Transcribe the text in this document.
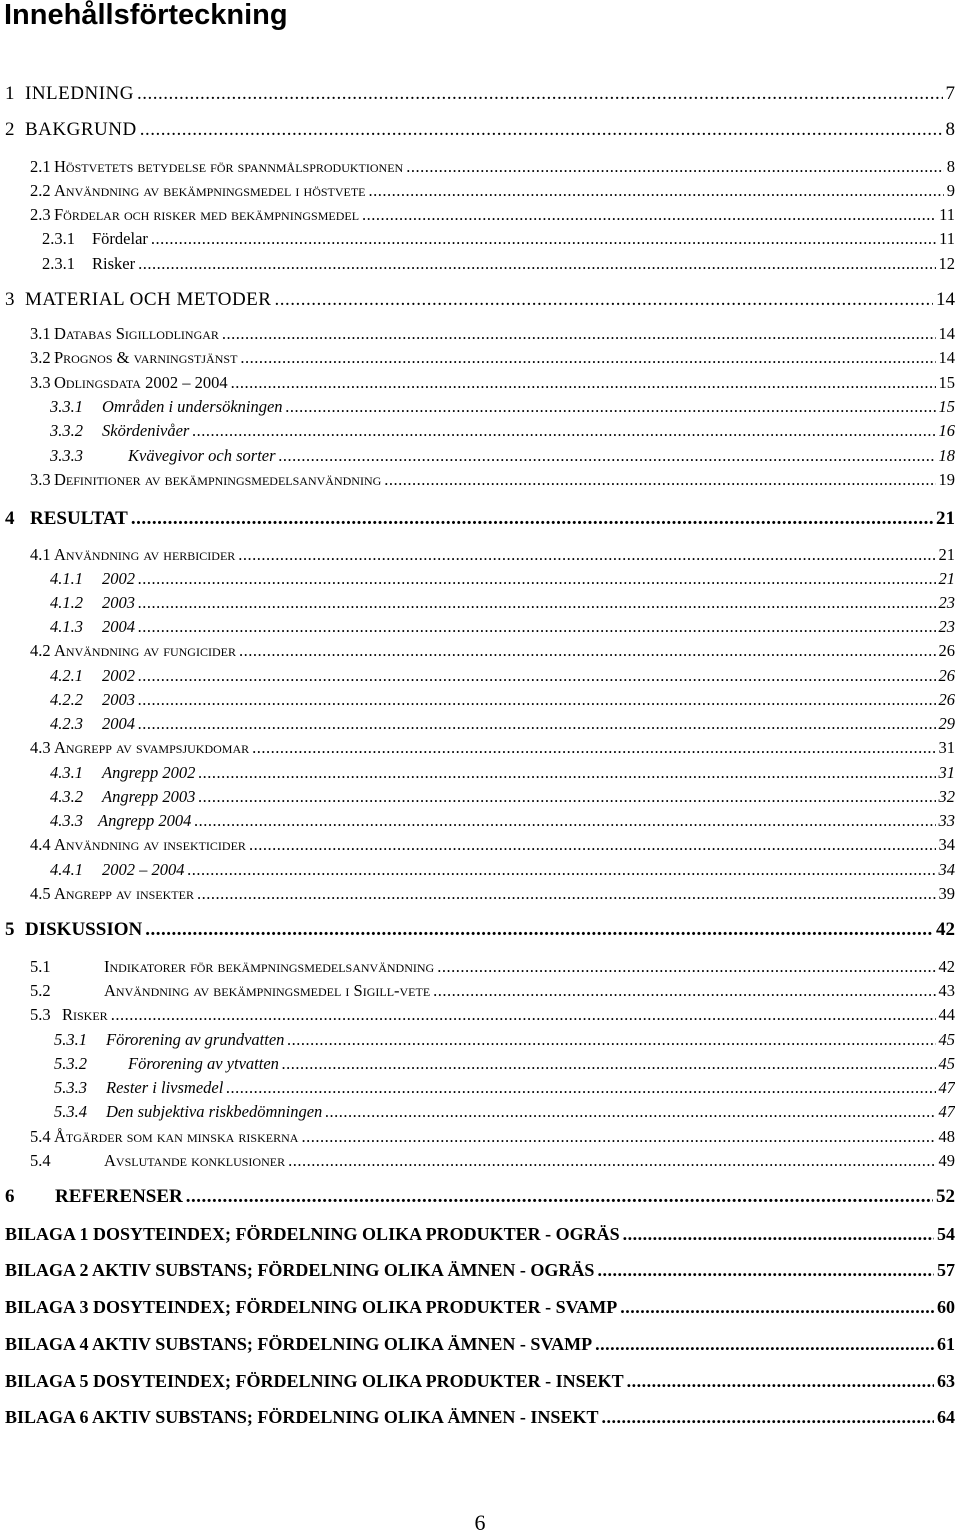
Innehållsförteckning
1 INLEDNING .....	7
2 BAKGRUND .....	8
2.1 Höstvetets betydelse för spannmålsproduktionen .....	8
2.2 Användning av bekämpningsmedel i höstvete .....	9
2.3 Fördelar och risker med bekämpningsmedel .....	11
2.3.1	Fördelar .....	11
2.3.1	Risker .....	12
3 MATERIAL OCH METODER .....	14
3.1 Databas Sigillodlingar .....	14
3.2 Prognos & varningstjänst .....	14
3.3 Odlingsdata 2002 – 2004 .....	15
3.3.1	Områden i undersökningen .....	15
3.3.2	Skördenivåer .....	16
3.3.3	Kvävegivor och sorter .....	18
3.3 Definitioner av bekämpningsmedelsanvändning .....	19
4 RESULTAT .....	21
4.1 Användning av herbicider .....	21
4.1.1	2002 .....	21
4.1.2	2003 .....	23
4.1.3	2004 .....	23
4.2 Användning av fungicider .....	26
4.2.1	2002 .....	26
4.2.2	2003 .....	26
4.2.3	2004 .....	29
4.3 Angrepp av svampsjukdomar .....	31
4.3.1	Angrepp 2002 .....	31
4.3.2	Angrepp 2003 .....	32
4.3.3 Angrepp 2004 .....	33
4.4 Användning av insekticider .....	34
4.4.1	2002 – 2004 .....	34
4.5 Angrepp av insekter .....	39
5 DISKUSSION .....	42
5.1	Indikatorer för bekämpningsmedelsanvändning .....	42
5.2	Användning av bekämpningsmedel i Sigill-vete .....	43
5.3 Risker .....	44
5.3.1	Förorening av grundvatten .....	45
5.3.2	Förorening av ytvatten .....	45
5.3.3	Rester i livsmedel .....	47
5.3.4	Den subjektiva riskbedömningen .....	47
5.4 Åtgärder som kan minska riskerna .....	48
5.4	Avslutande konklusioner .....	49
6	REFERENSER .....	52
BILAGA 1 DOSYTEINDEX; FÖRDELNING OLIKA PRODUKTER - OGRÄS .....	54
BILAGA 2 AKTIV SUBSTANS; FÖRDELNING OLIKA ÄMNEN - OGRÄS .....	57
BILAGA 3 DOSYTEINDEX; FÖRDELNING OLIKA PRODUKTER - SVAMP .....	60
BILAGA 4 AKTIV SUBSTANS; FÖRDELNING OLIKA ÄMNEN - SVAMP .....	61
BILAGA 5 DOSYTEINDEX; FÖRDELNING OLIKA PRODUKTER - INSEKT .....	63
BILAGA 6 AKTIV SUBSTANS; FÖRDELNING OLIKA ÄMNEN - INSEKT .....	64
6
